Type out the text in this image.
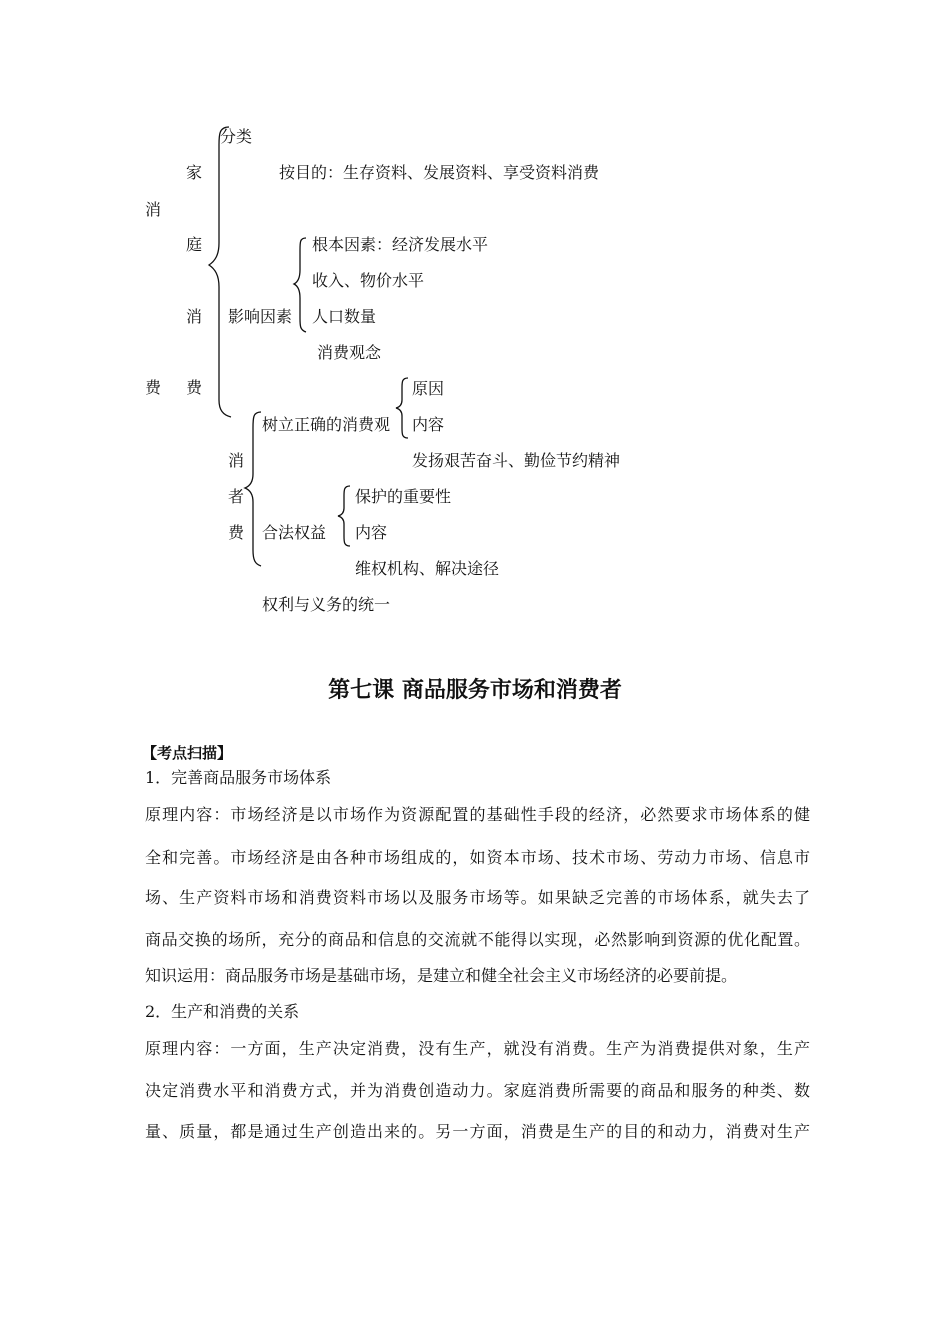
消
费
家
庭
消
费
分类
按目的：生存资料、发展资料、享受资料消费
影响因素
根本因素：经济发展水平
收入、物价水平
人口数量
消费观念
消
者
费
树立正确的消费观
原因
内容
发扬艰苦奋斗、勤俭节约精神
合法权益
保护的重要性
内容
维权机构、解决途径
权利与义务的统一
第七课 商品服务市场和消费者
【考点扫描】
1．完善商品服务市场体系
原理内容：市场经济是以市场作为资源配置的基础性手段的经济，必然要求市场体系的健
全和完善。市场经济是由各种市场组成的，如资本市场、技术市场、劳动力市场、信息市
场、生产资料市场和消费资料市场以及服务市场等。如果缺乏完善的市场体系，就失去了
商品交换的场所，充分的商品和信息的交流就不能得以实现，必然影响到资源的优化配置。
知识运用：商品服务市场是基础市场，是建立和健全社会主义市场经济的必要前提。
2．生产和消费的关系
原理内容：一方面，生产决定消费，没有生产，就没有消费。生产为消费提供对象，生产
决定消费水平和消费方式，并为消费创造动力。家庭消费所需要的商品和服务的种类、数
量、质量，都是通过生产创造出来的。另一方面，消费是生产的目的和动力，消费对生产
